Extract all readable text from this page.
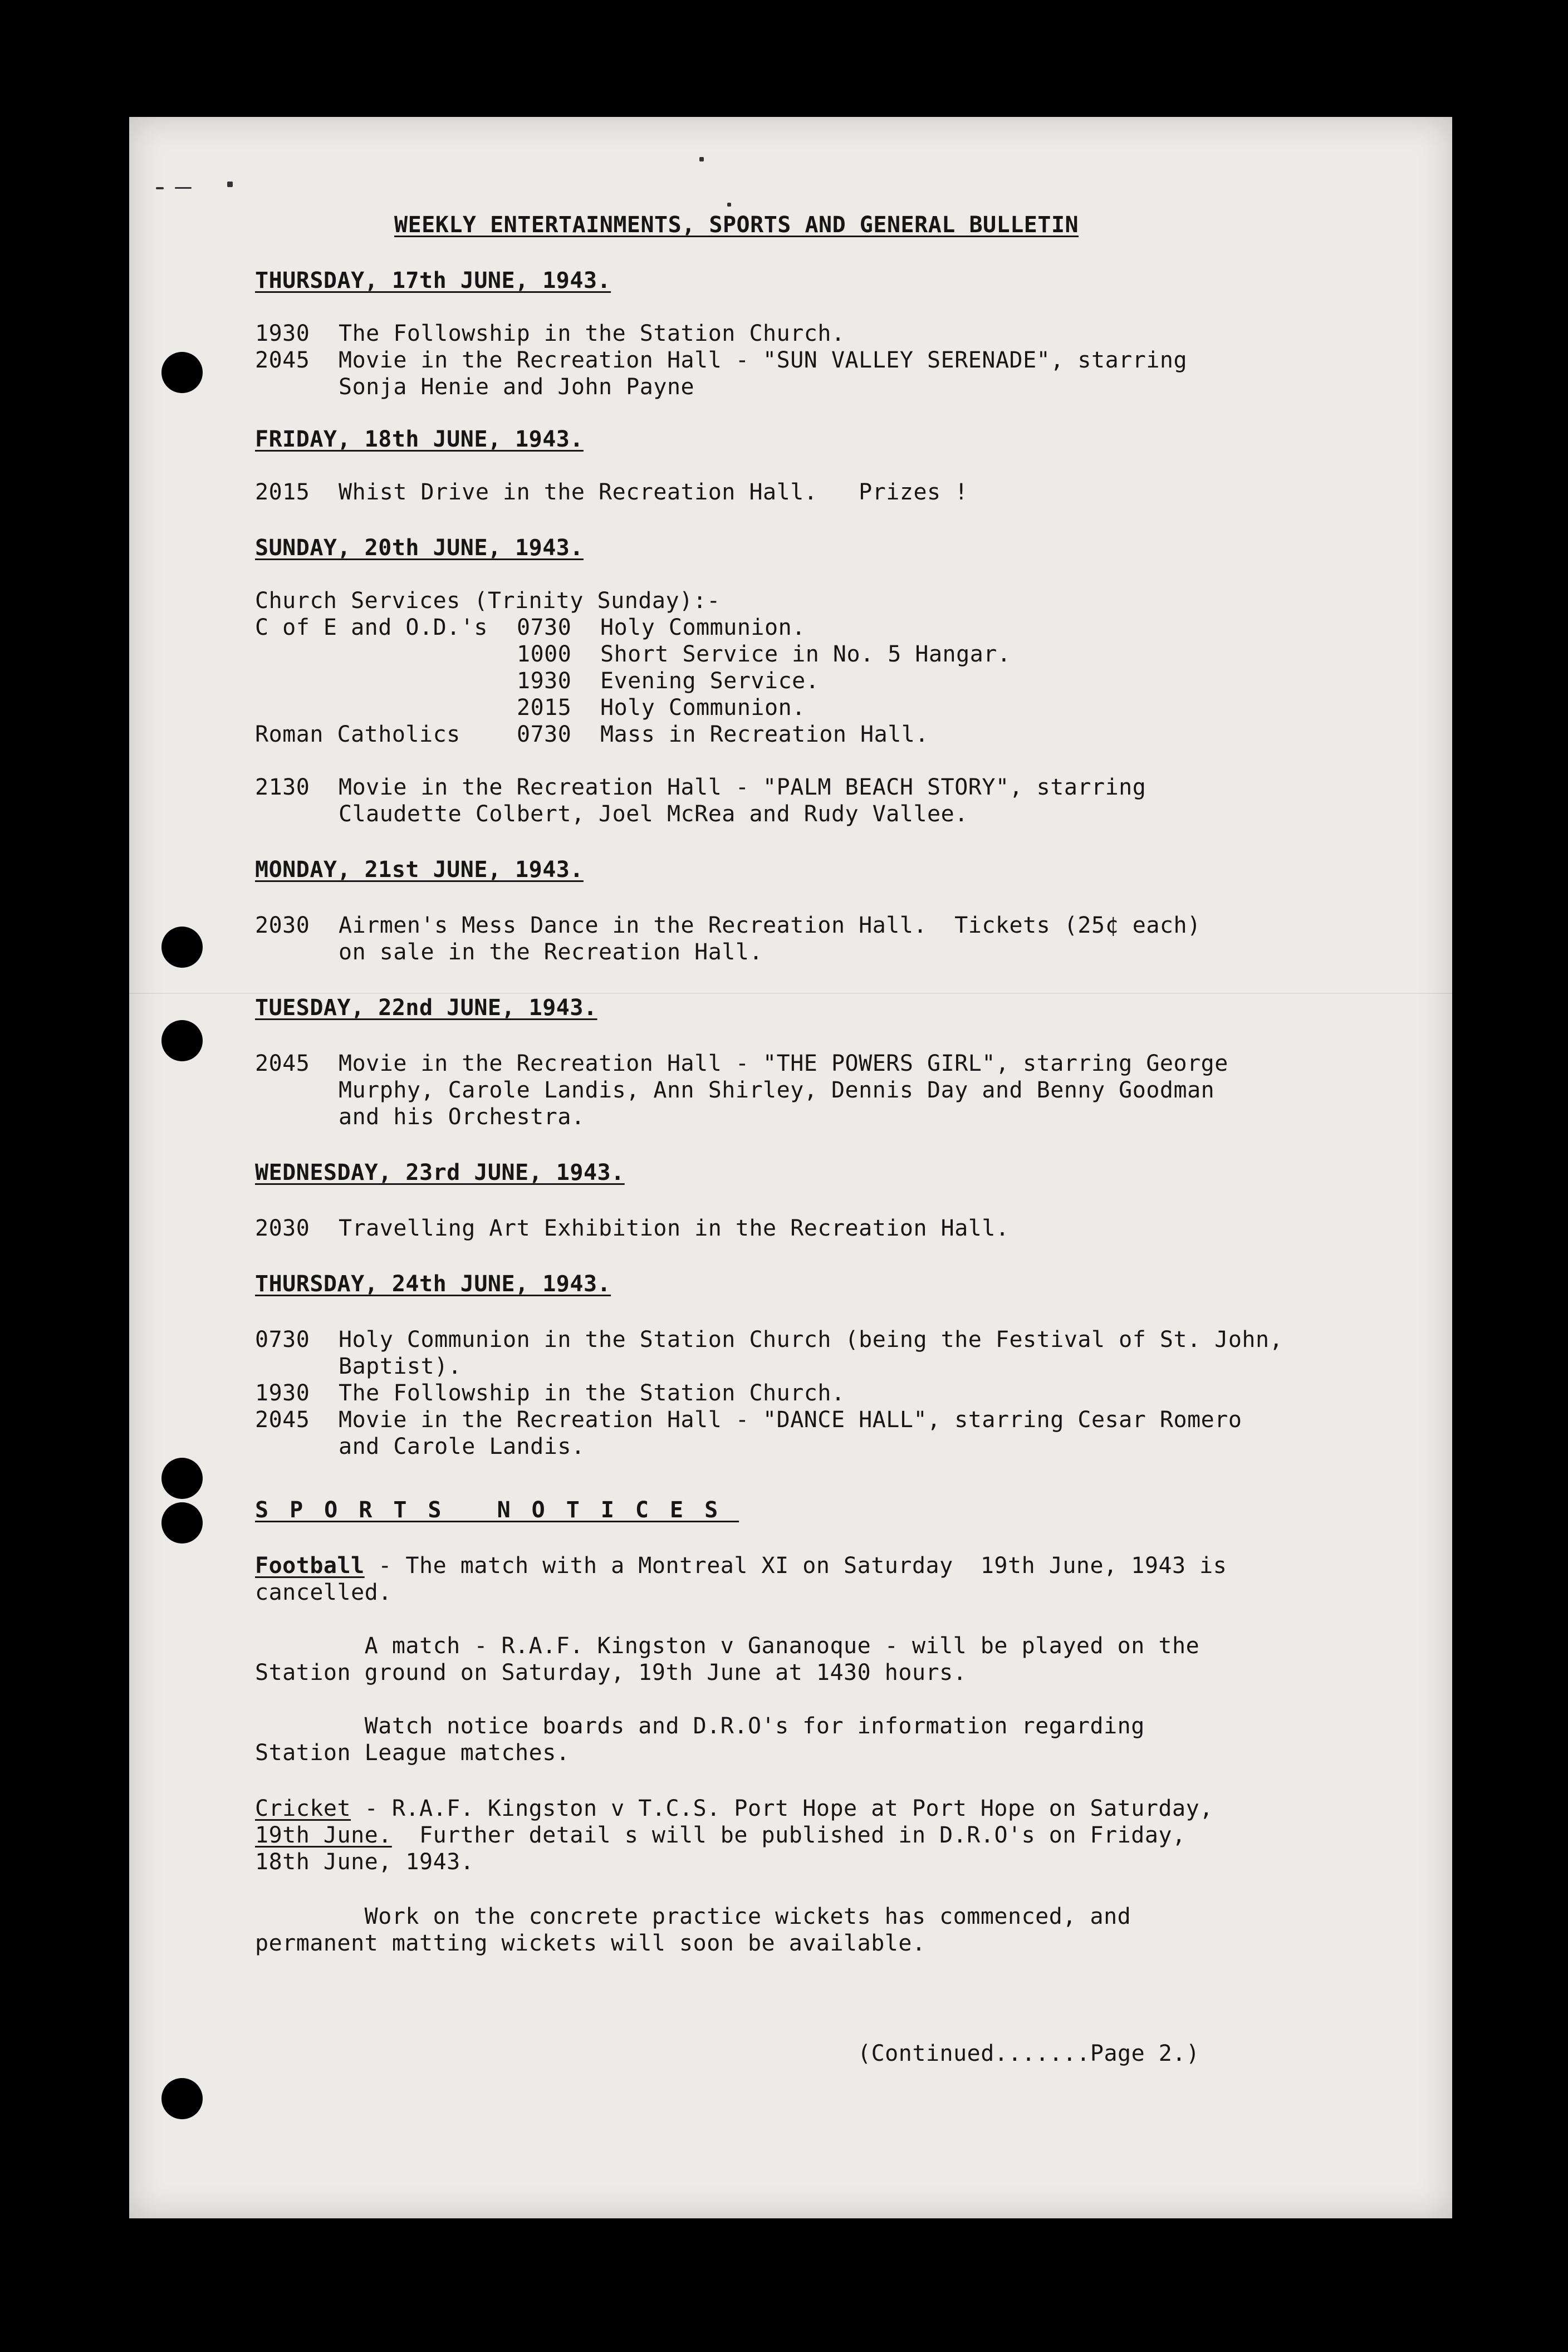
WEEKLY ENTERTAINMENTS, SPORTS AND GENERAL BULLETIN
THURSDAY, 17th JUNE, 1943.
1930 The Followship in the Station Church.
2045 Movie in the Recreation Hall - "SUN VALLEY SERENADE", starring
Sonja Henie and John Payne
FRIDAY, 18th JUNE, 1943.
2015 Whist Drive in the Recreation Hall.   Prizes !
SUNDAY, 20th JUNE, 1943.
Church Services (Trinity Sunday):-
C of E and O.D.'s 0730 Holy Communion.
1000 Short Service in No. 5 Hangar.
1930 Evening Service.
2015 Holy Communion.
Roman Catholics	0730 Mass in Recreation Hall.
2130 Movie in the Recreation Hall - "PALM BEACH STORY", starring
Claudette Colbert, Joel McRea and Rudy Vallee.
MONDAY, 21st JUNE, 1943.
2030 Airmen's Mess Dance in the Recreation Hall.  Tickets (25¢ each)
on sale in the Recreation Hall.
TUESDAY, 22nd JUNE, 1943.
2045 Movie in the Recreation Hall - "THE POWERS GIRL", starring George
Murphy, Carole Landis, Ann Shirley, Dennis Day and Benny Goodman
and his Orchestra.
WEDNESDAY, 23rd JUNE, 1943.
2030 Travelling Art Exhibition in the Recreation Hall.
THURSDAY, 24th JUNE, 1943.
0730 Holy Communion in the Station Church (being the Festival of St. John,
Baptist).
1930 The Followship in the Station Church.
2045 Movie in the Recreation Hall - "DANCE HALL", starring Cesar Romero
and Carole Landis.
SPORTS NOTICES
Football - The match with a Montreal XI on Saturday  19th June, 1943 is
cancelled.
A match - R.A.F. Kingston v Gananoque - will be played on the
Station ground on Saturday, 19th June at 1430 hours.
Watch notice boards and D.R.O's for information regarding
Station League matches.
Cricket - R.A.F. Kingston v T.C.S. Port Hope at Port Hope on Saturday,
19th June.  Further detail s will be published in D.R.O's on Friday,
18th June, 1943.
Work on the concrete practice wickets has commenced, and
permanent matting wickets will soon be available.
(Continued.......Page 2.)
